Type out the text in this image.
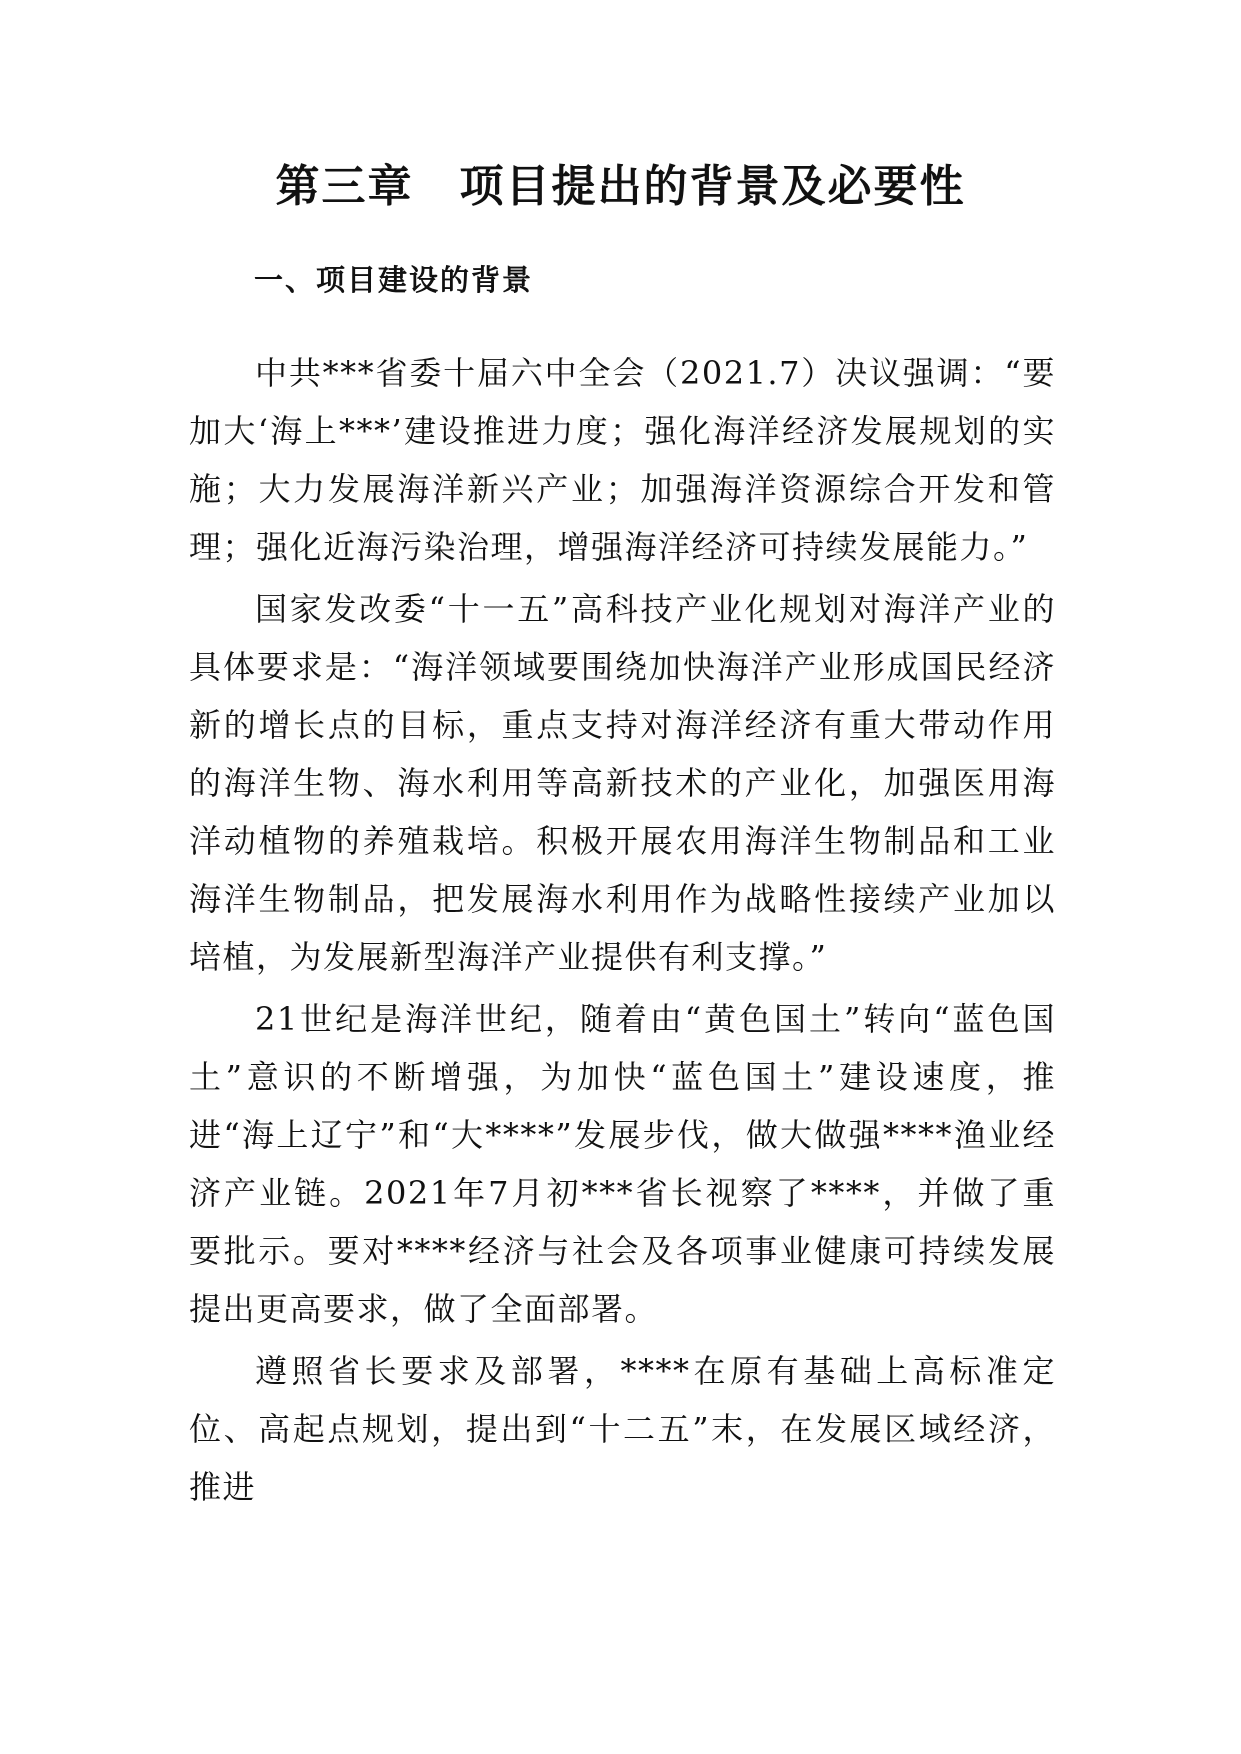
第三章　项目提出的背景及必要性
一、项目建设的背景

中共***省委十届六中全会（2021.7）决议强调：“要加大‘海上***’建设推进力度；强化海洋经济发展规划的实施；大力发展海洋新兴产业；加强海洋资源综合开发和管理；强化近海污染治理，增强海洋经济可持续发展能力。”

国家发改委“十一五”高科技产业化规划对海洋产业的具体要求是：“海洋领域要围绕加快海洋产业形成国民经济新的增长点的目标，重点支持对海洋经济有重大带动作用的海洋生物、海水利用等高新技术的产业化，加强医用海洋动植物的养殖栽培。积极开展农用海洋生物制品和工业海洋生物制品，把发展海水利用作为战略性接续产业加以培植，为发展新型海洋产业提供有利支撑。”

21世纪是海洋世纪，随着由“黄色国土”转向“蓝色国土”意识的不断增强，为加快“蓝色国土”建设速度，推进“海上辽宁”和“大****”发展步伐，做大做强****渔业经济产业链。2021年7月初***省长视察了****，并做了重要批示。要对****经济与社会及各项事业健康可持续发展提出更高要求，做了全面部署。

遵照省长要求及部署，****在原有基础上高标准定位、高起点规划，提出到“十二五”末，在发展区域经济，推进
